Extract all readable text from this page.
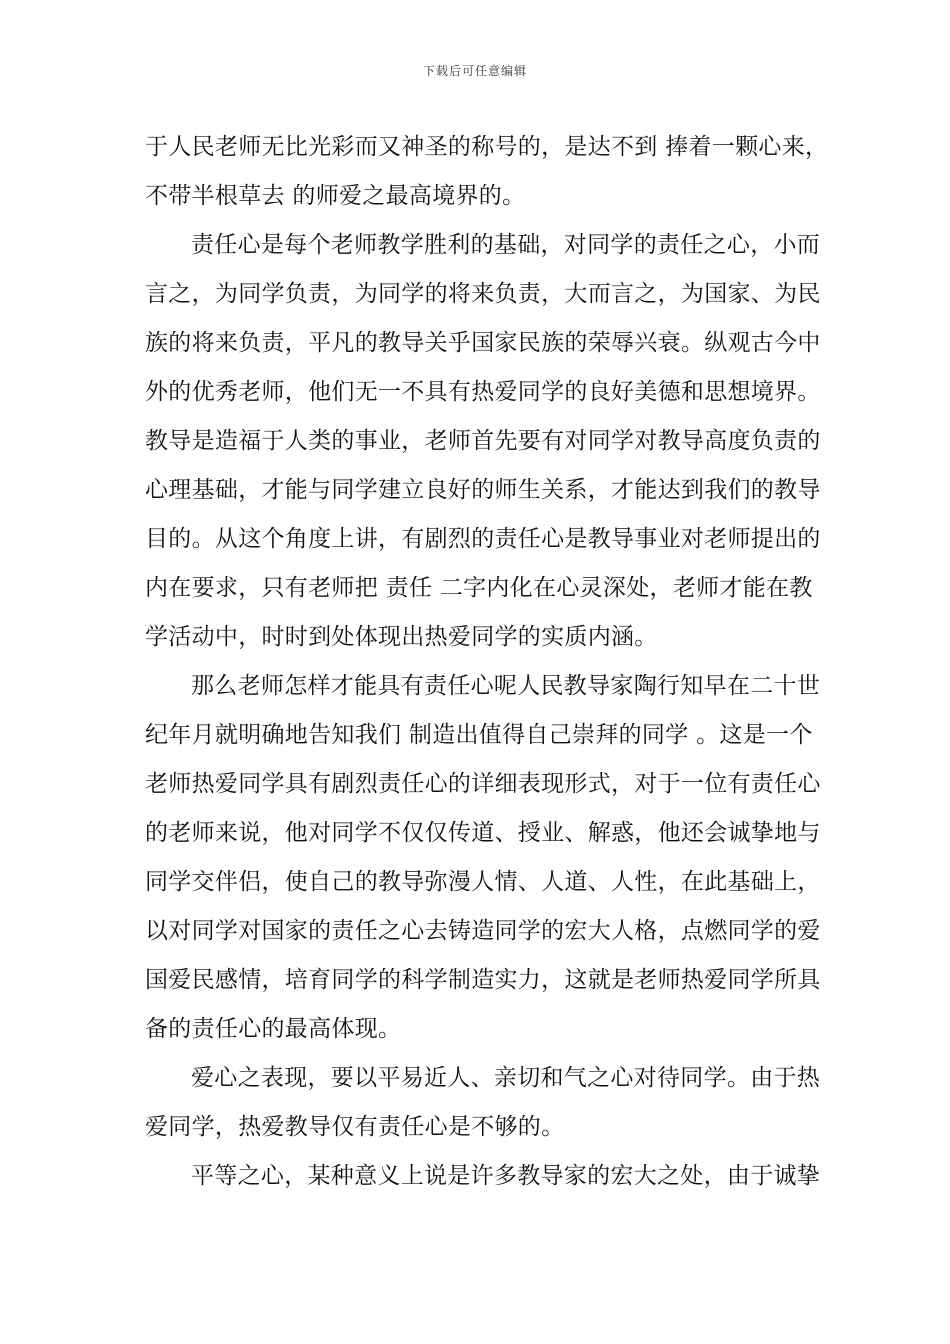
下载后可任意编辑
于人民老师无比光彩而又神圣的称号的，是达不到 捧着一颗心来，
不带半根草去 的师爱之最高境界的。
责任心是每个老师教学胜利的基础，对同学的责任之心，小而
言之，为同学负责，为同学的将来负责，大而言之，为国家、为民
族的将来负责，平凡的教导关乎国家民族的荣辱兴衰。纵观古今中
外的优秀老师，他们无一不具有热爱同学的良好美德和思想境界。
教导是造福于人类的事业，老师首先要有对同学对教导高度负责的
心理基础，才能与同学建立良好的师生关系，才能达到我们的教导
目的。从这个角度上讲，有剧烈的责任心是教导事业对老师提出的
内在要求，只有老师把 责任 二字内化在心灵深处，老师才能在教
学活动中，时时到处体现出热爱同学的实质内涵。
那么老师怎样才能具有责任心呢人民教导家陶行知早在二十世
纪年月就明确地告知我们 制造出值得自己崇拜的同学 。这是一个
老师热爱同学具有剧烈责任心的详细表现形式，对于一位有责任心
的老师来说，他对同学不仅仅传道、授业、解惑，他还会诚挚地与
同学交伴侣，使自己的教导弥漫人情、人道、人性，在此基础上，
以对同学对国家的责任之心去铸造同学的宏大人格，点燃同学的爱
国爱民感情，培育同学的科学制造实力，这就是老师热爱同学所具
备的责任心的最高体现。
爱心之表现，要以平易近人、亲切和气之心对待同学。由于热
爱同学，热爱教导仅有责任心是不够的。
平等之心，某种意义上说是许多教导家的宏大之处，由于诚挚
